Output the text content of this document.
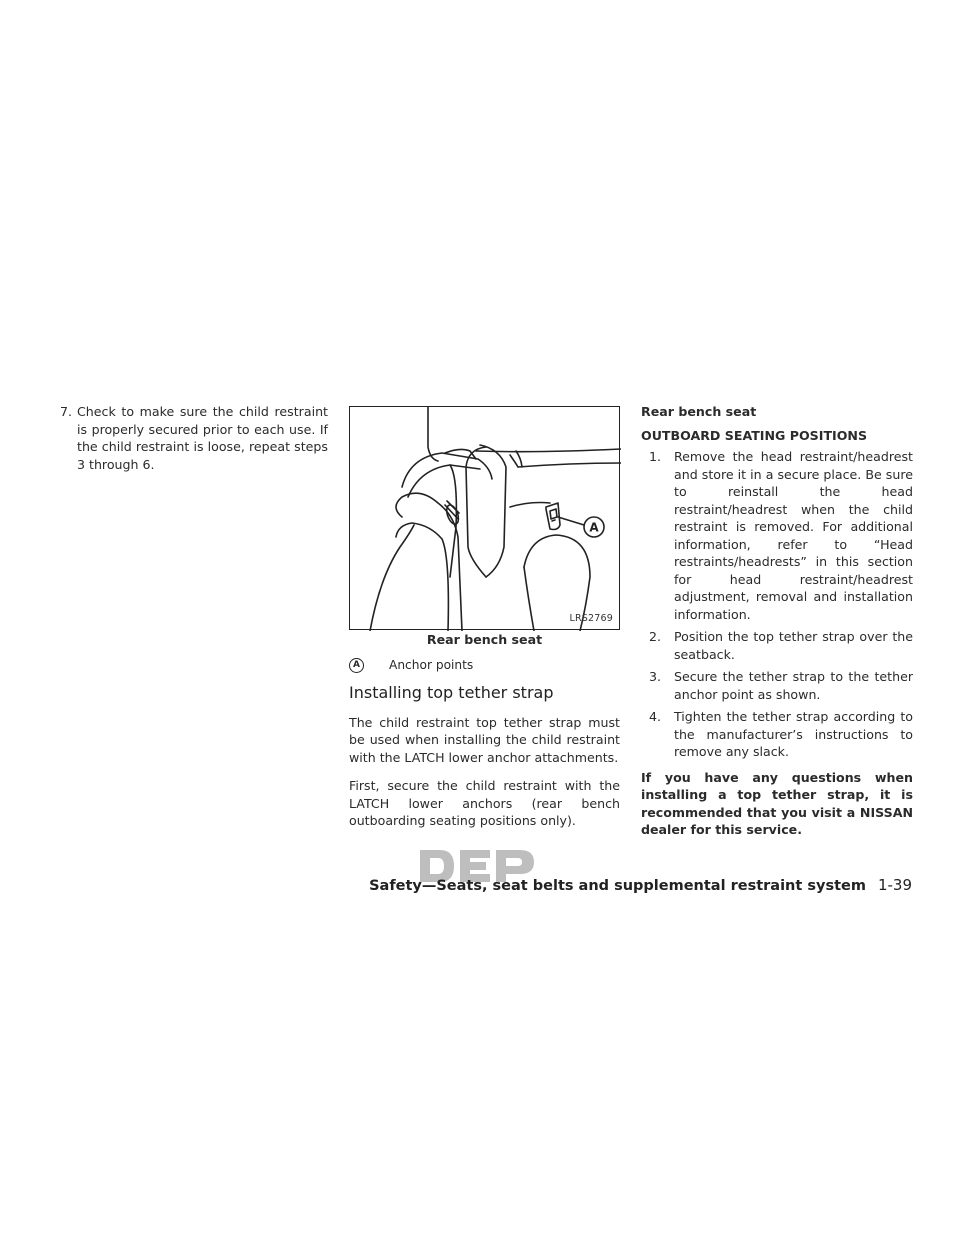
7. Check to make sure the child restraint is properly secured prior to each use. If the child restraint is loose, repeat steps 3 through 6.
A
LRS2769
Rear bench seat
A	Anchor points
Installing top tether strap

The child restraint top tether strap must be used when installing the child restraint with the LATCH lower anchor attachments.

First, secure the child restraint with the LATCH lower anchors (rear bench outboarding seating positions only).

Rear bench seat

OUTBOARD SEATING POSITIONS

1.	Remove the head restraint/headrest and store it in a secure place. Be sure to reinstall the head restraint/headrest when the child restraint is removed. For additional information, refer to “Head restraints/headrests” in this section for head restraint/headrest adjustment, removal and installation information.
2.	Position the top tether strap over the seatback.
3.	Secure the tether strap to the tether anchor point as shown.
4.	Tighten the tether strap according to the manufacturer’s instructions to remove any slack.

If you have any questions when installing a top tether strap, it is recommended that you visit a NISSAN dealer for this service.

Safety—Seats, seat belts and supplemental restraint system 1-39
